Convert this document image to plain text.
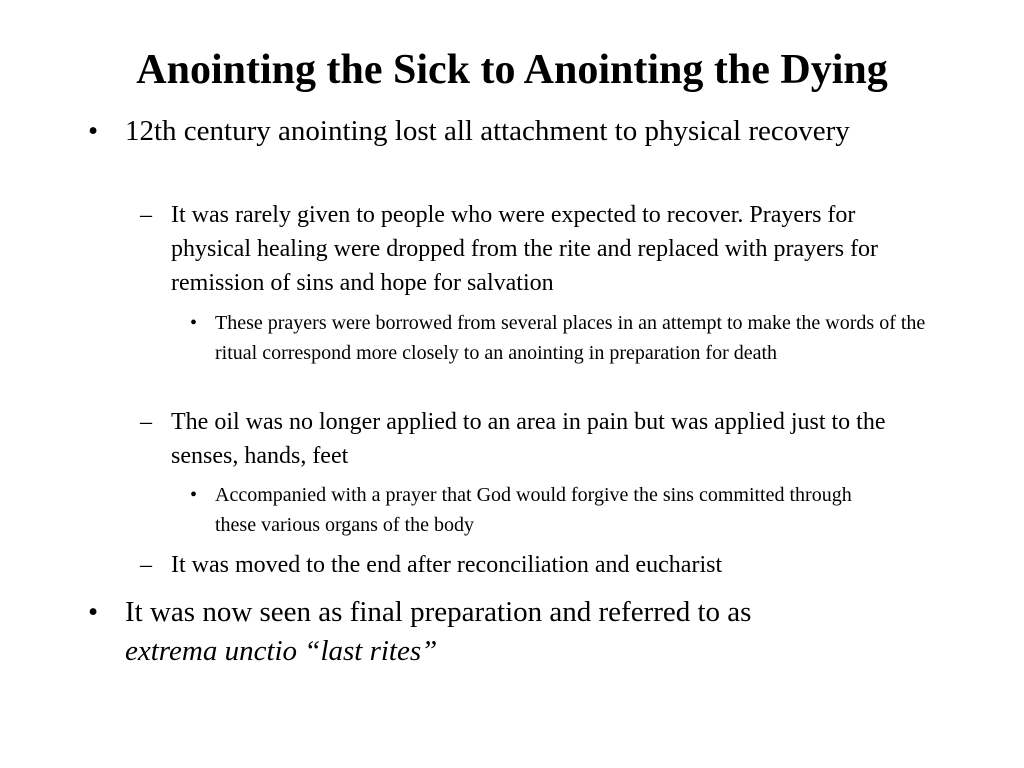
Anointing the Sick to Anointing the Dying
• 12th century anointing lost all attachment to physical recovery

– It was rarely given to people who were expected to recover. Prayers for physical healing were dropped from the rite and replaced with prayers for remission of sins and hope for salvation

• These prayers were borrowed from several places in an attempt to make the words of the ritual correspond more closely to an anointing in preparation for death

– The oil was no longer applied to an area in pain but was applied just to the senses, hands, feet

• Accompanied with a prayer that God would forgive the sins committed through these various organs of the body

– It was moved to the end after reconciliation and eucharist

• It was now seen as final preparation and referred to as
extrema unctio “last rites”
